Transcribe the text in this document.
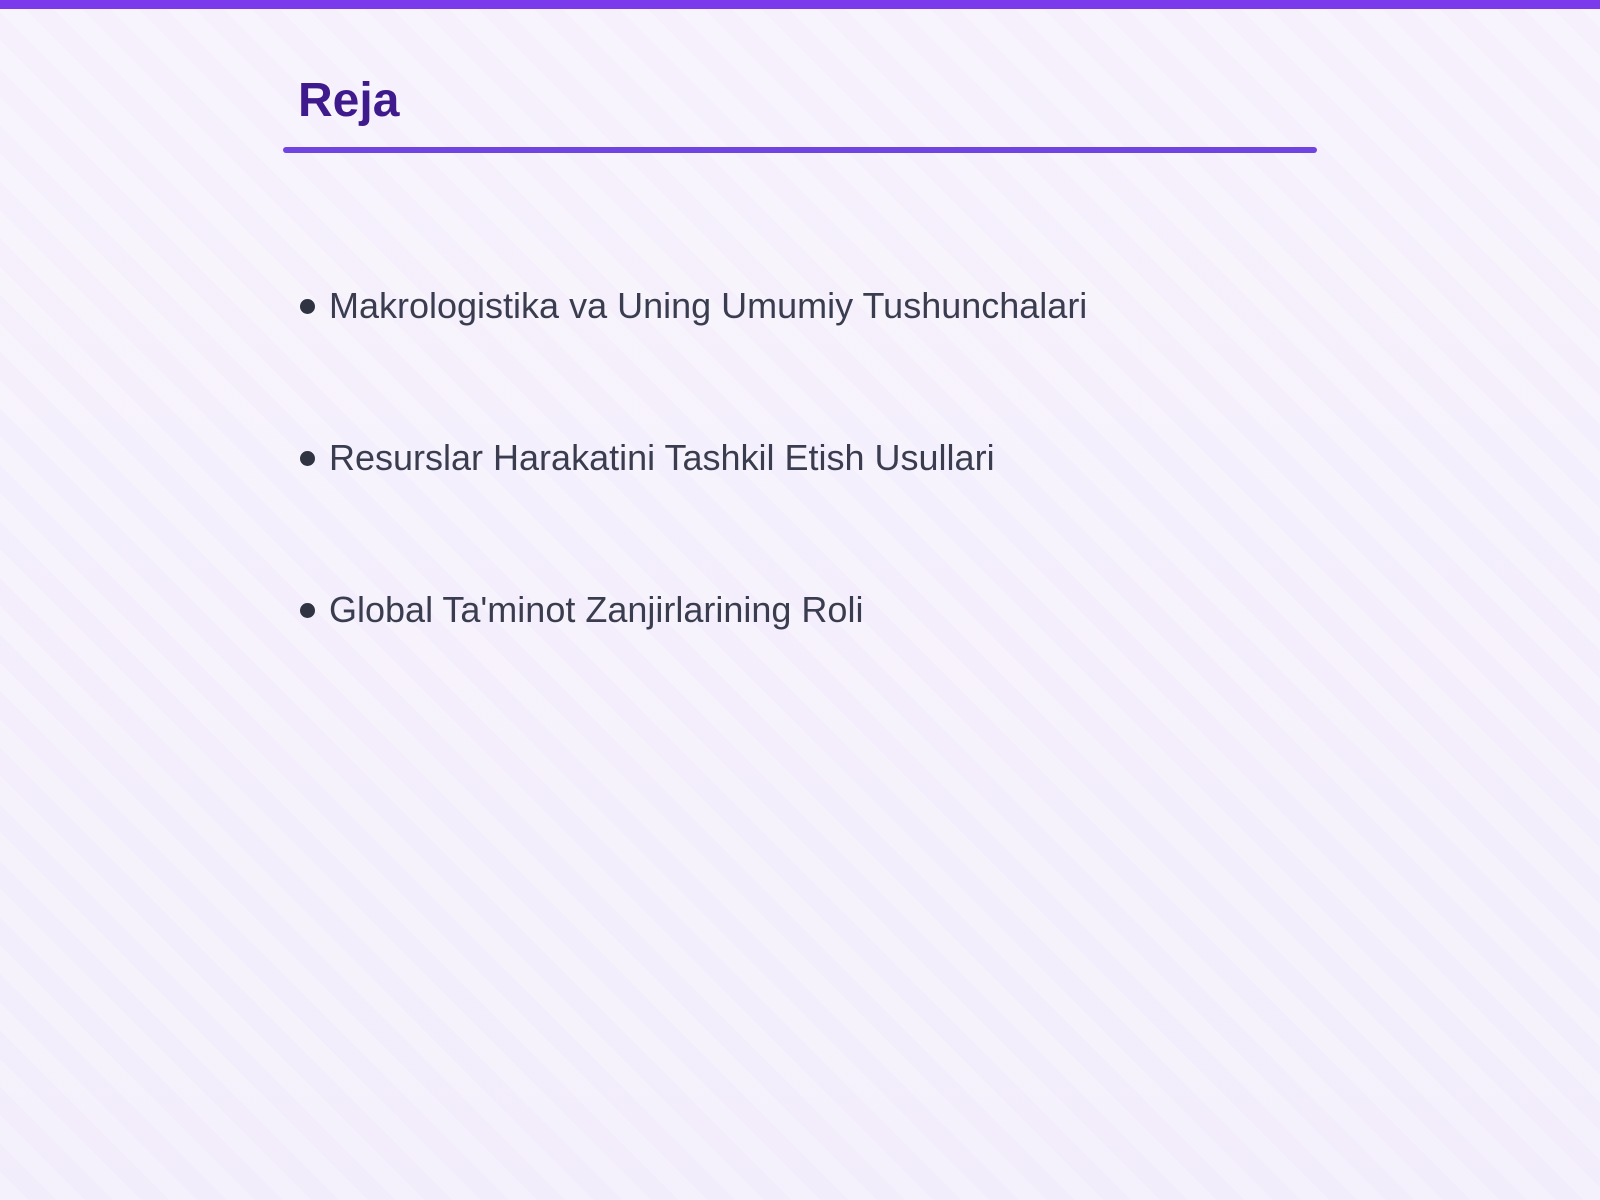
Reja
Makrologistika va Uning Umumiy Tushunchalari
Resurslar Harakatini Tashkil Etish Usullari
Global Ta'minot Zanjirlarining Roli
